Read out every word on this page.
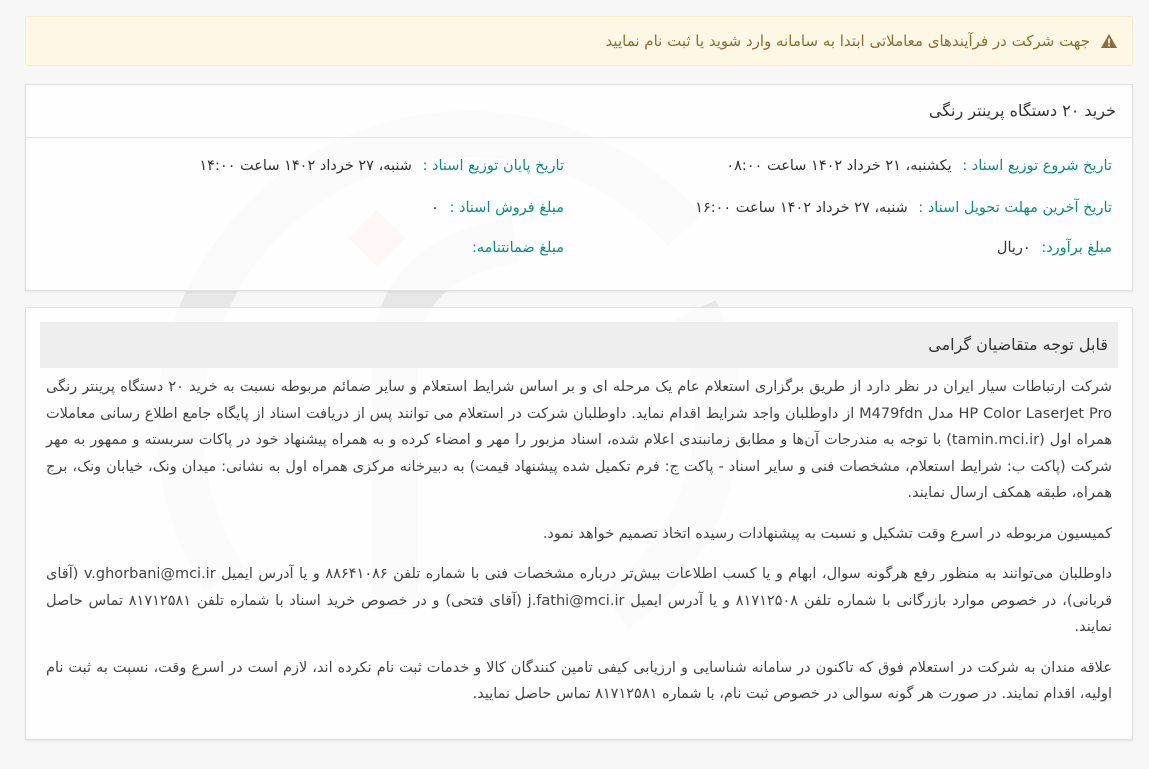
جهت شرکت در فرآیندهای معاملاتی ابتدا به سامانه وارد شوید یا ثبت نام نمایید
خرید ۲۰ دستگاه پرینتر رنگی
تاریخ شروع توزیع اسناد : یکشنبه، ۲۱ خرداد ۱۴۰۲ ساعت ۰۸:۰۰
تاریخ پایان توزیع اسناد : شنبه، ۲۷ خرداد ۱۴۰۲ ساعت ۱۴:۰۰
تاریخ آخرین مهلت تحویل اسناد : شنبه، ۲۷ خرداد ۱۴۰۲ ساعت ۱۶:۰۰
مبلغ فروش اسناد : ۰
مبلغ برآورد: ۰ریال
مبلغ ضمانتنامه:
قابل توجه متقاضیان گرامی

شرکت ارتباطات سیار ایران در نظر دارد از طریق برگزاری استعلام عام یک مرحله ای و بر اساس شرایط استعلام و سایر ضمائم مربوطه نسبت به خرید ۲۰ دستگاه پرینتر رنگی HP Color LaserJet Pro مدل M479fdn از داوطلبان واجد شرایط اقدام نماید. داوطلبان شرکت در استعلام می توانند پس از دریافت اسناد از پایگاه جامع اطلاع رسانی معاملات همراه اول (tamin.mci.ir) با توجه به مندرجات آن‌ها و مطابق زمانبندی اعلام شده، اسناد مزبور را مهر و امضاء کرده و به همراه پیشنهاد خود در پاکات سربسته و ممهور به مهر شرکت (پاکت ب: شرایط استعلام، مشخصات فنی و سایر اسناد - پاکت ج: فرم تکمیل شده پیشنهاد قیمت) به دبیرخانه مرکزی همراه اول به نشانی: میدان ونک، خیابان ونک، برج همراه، طبقه همکف ارسال نمایند.

کمیسیون مربوطه در اسرع وقت تشکیل و نسبت به پیشنهادات رسیده اتخاذ تصمیم خواهد نمود.

داوطلبان می‌توانند به منظور رفع هرگونه سوال، ابهام و یا کسب اطلاعات بیش‌تر درباره مشخصات فنی با شماره تلفن ۸۸۶۴۱۰۸۶ و یا آدرس ایمیل v.ghorbani@mci.ir (آقای قربانی)، در خصوص موارد بازرگانی با شماره تلفن ۸۱۷۱۲۵۰۸ و یا آدرس ایمیل j.fathi@mci.ir (آقای فتحی) و در خصوص خرید اسناد با شماره تلفن ۸۱۷۱۲۵۸۱ تماس حاصل نمایند.

علاقه مندان به شرکت در استعلام فوق که تاکنون در سامانه شناسایی و ارزیابی کیفی تامین کنندگان کالا و خدمات ثبت نام نکرده اند، لازم است در اسرع وقت، نسبت به ثبت نام اولیه، اقدام نمایند. در صورت هر گونه سوالی در خصوص ثبت نام، با شماره ۸۱۷۱۲۵۸۱ تماس حاصل نمایید.
